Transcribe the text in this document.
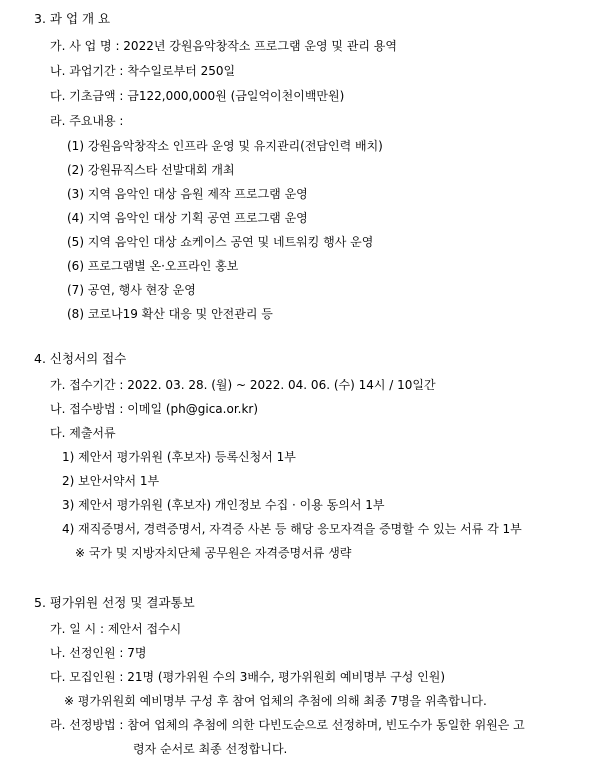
3. 과 업 개 요
가. 사 업 명 : 2022년 강원음악창작소 프로그램 운영 및 관리 용역
나. 과업기간 : 착수일로부터 250일
다. 기초금액 : 금122,000,000원 (금일억이천이백만원)
라. 주요내용 :
(1) 강원음악창작소 인프라 운영 및 유지관리(전담인력 배치)
(2) 강원뮤직스타 선발대회 개최
(3) 지역 음악인 대상 음원 제작 프로그램 운영
(4) 지역 음악인 대상 기획 공연 프로그램 운영
(5) 지역 음악인 대상 쇼케이스 공연 및 네트워킹 행사 운영
(6) 프로그램별 온·오프라인 홍보
(7) 공연, 행사 현장 운영
(8) 코로나19 확산 대응 및 안전관리 등
4. 신청서의 접수
가. 접수기간 : 2022. 03. 28. (월) ~ 2022. 04. 06. (수) 14시 / 10일간
나. 접수방법 : 이메일 (ph@gica.or.kr)
다. 제출서류
1) 제안서 평가위원 (후보자) 등록신청서 1부
2) 보안서약서 1부
3) 제안서 평가위원 (후보자) 개인정보 수집 · 이용 동의서 1부
4) 재직증명서, 경력증명서, 자격증 사본 등 해당 응모자격을 증명할 수 있는 서류 각 1부
※ 국가 및 지방자치단체 공무원은 자격증명서류 생략
5. 평가위원 선정 및 결과통보
가. 일 시 : 제안서 접수시
나. 선정인원 : 7명
다. 모집인원 : 21명 (평가위원 수의 3배수, 평가위원회 예비명부 구성 인원)
※ 평가위원회 예비명부 구성 후 참여 업체의 추첨에 의해 최종 7명을 위촉합니다.
라. 선정방법 : 참여 업체의 추첨에 의한 다빈도순으로 선정하며, 빈도수가 동일한 위원은 고
령자 순서로 최종 선정합니다.
